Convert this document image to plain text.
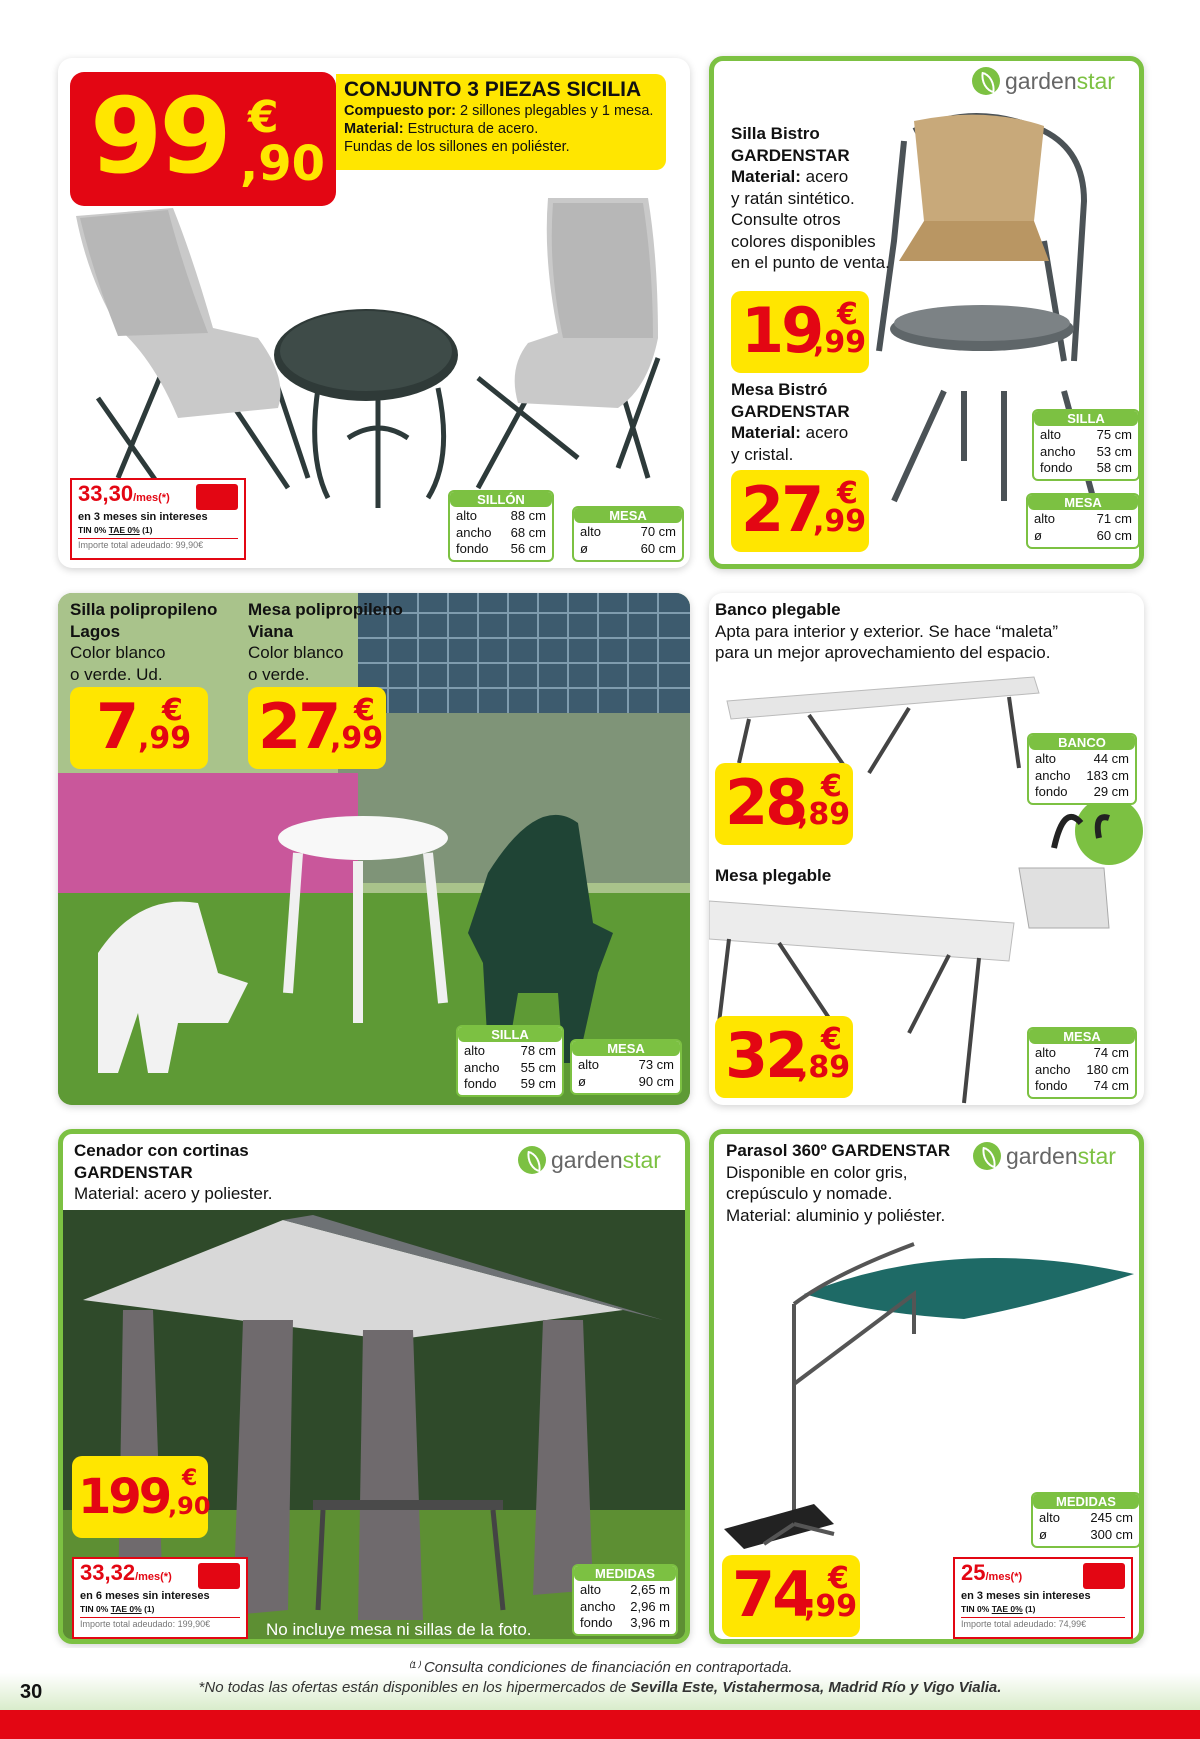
99 €
,90
CONJUNTO 3 PIEZAS SICILIA
Compuesto por: 2 sillones plegables y 1 mesa.
Material: Estructura de acero.
Fundas de los sillones en poliéster.
33,30/mes(*)
en 3 meses sin intereses
TIN 0% TAE 0% (1)
Importe total adeudado: 99,90€
SILLÓN
alto	88 cm
ancho 68 cm
fondo 56 cm
MESA
alto	70 cm
ø	60 cm
garden star
Silla Bistro
GARDENSTAR
Material: acero
y ratán sintético.
Consulte otros
colores disponibles
en el punto de venta.
19 €
,99
Mesa Bistró
GARDENSTAR
Material: acero
y cristal.
27 €
,99
SILLA
alto	75 cm
ancho 53 cm
fondo 58 cm
MESA
alto	71 cm
ø	60 cm
Silla polipropileno
Lagos
Color blanco
o verde. Ud.
7 €
,99
Mesa polipropileno
Viana
Color blanco
o verde.
27 €
,99
SILLA
alto	78 cm
ancho 55 cm
fondo 59 cm
MESA
alto	73 cm
ø	90 cm
Banco plegable
Apta para interior y exterior. Se hace “maleta”
para un mejor aprovechamiento del espacio.
28 €
,89
BANCO
alto	44 cm
ancho 183 cm
fondo 29 cm
Mesa plegable
32 €
,89
MESA
alto	74 cm
ancho 180 cm
fondo 74 cm
Cenador con cortinas
GARDENSTAR
Material: acero y poliester.
garden star
199 €
,90
33,32/mes(*)
en 6 meses sin intereses
TIN 0% TAE 0% (1)
Importe total adeudado: 199,90€	No incluye mesa ni sillas de la foto.
MEDIDAS
alto 2,65 m
ancho 2,96 m
fondo 3,96 m
Parasol 360º GARDENSTAR
Disponible en color gris,
crepúsculo y nomade.
Material: aluminio y poliéster.
garden star
MEDIDAS
alto 245 cm
ø	300 cm
74 €
,99
25/mes(*)
en 3 meses sin intereses
TIN 0% TAE 0% (1)
Importe total adeudado: 74,99€
⁽¹⁾ Consulta condiciones de financiación en contraportada.
*No todas las ofertas están disponibles en los hipermercados de Sevilla Este, Vistahermosa, Madrid Río y Vigo Vialia.
30
